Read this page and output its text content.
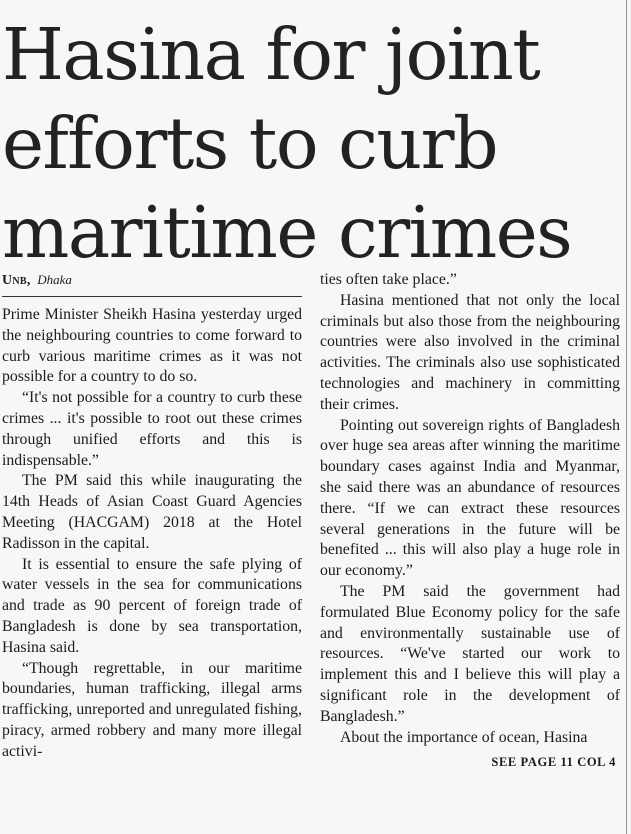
Hasina for joint
efforts to curb
maritime crimes
Unb, Dhaka

Prime Minister Sheikh Hasina yesterday urged the neighbouring countries to come forward to curb various maritime crimes as it was not possible for a country to do so.

“It's not possible for a country to curb these crimes ... it's possible to root out these crimes through unified efforts and this is indispensable.”

The PM said this while inaugurating the 14th Heads of Asian Coast Guard Agencies Meeting (HACGAM) 2018 at the Hotel Radisson in the capital.

It is essential to ensure the safe plying of water vessels in the sea for communications and trade as 90 percent of foreign trade of Bangladesh is done by sea transportation, Hasina said.

“Though regrettable, in our maritime boundaries, human trafficking, illegal arms trafficking, unreported and unregulated fishing, piracy, armed robbery and many more illegal activi-

ties often take place.”

Hasina mentioned that not only the local criminals but also those from the neighbouring countries were also involved in the criminal activities. The criminals also use sophisticated technologies and machinery in committing their crimes.

Pointing out sovereign rights of Bangladesh over huge sea areas after winning the maritime boundary cases against India and Myanmar, she said there was an abundance of resources there. “If we can extract these resources several generations in the future will be benefited ... this will also play a huge role in our economy.”

The PM said the government had formulated Blue Economy policy for the safe and environmentally sustainable use of resources. “We've started our work to implement this and I believe this will play a significant role in the development of Bangladesh.”

About the importance of ocean, Hasina

SEE PAGE 11 COL 4
